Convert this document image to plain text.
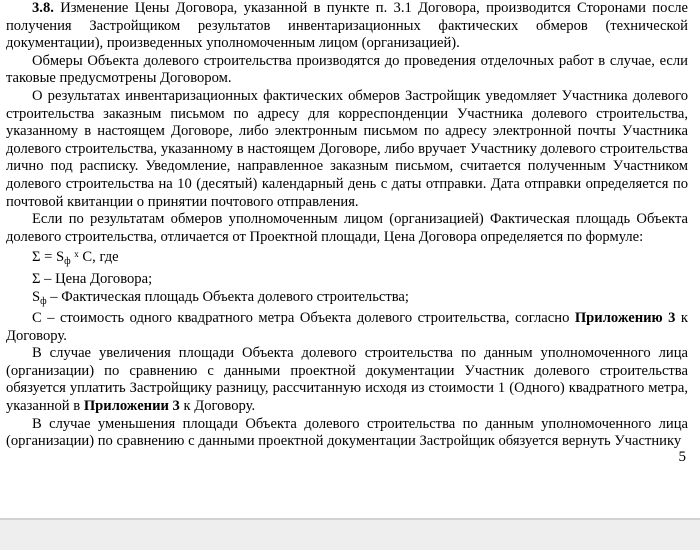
3.8. Изменение Цены Договора, указанной в пункте п. 3.1 Договора, производится Сторонами после получения Застройщиком результатов инвентаризационных фактических обмеров (технической документации), произведенных уполномоченным лицом (организацией).

Обмеры Объекта долевого строительства производятся до проведения отделочных работ в случае, если таковые предусмотрены Договором.

О результатах инвентаризационных фактических обмеров Застройщик уведомляет Участника долевого строительства заказным письмом по адресу для корреспонденции Участника долевого строительства, указанному в настоящем Договоре, либо электронным письмом по адресу электронной почты Участника долевого строительства, указанному в настоящем Договоре, либо вручает Участнику долевого строительства лично под расписку. Уведомление, направленное заказным письмом, считается полученным Участником долевого строительства на 10 (десятый) календарный день с даты отправки. Дата отправки определяется по почтовой квитанции о принятии почтового отправления.

Если по результатам обмеров уполномоченным лицом (организацией) Фактическая площадь Объекта долевого строительства, отличается от Проектной площади, Цена Договора определяется по формуле:

$\Sigma = S_ф$ $^х$ С, где

Σ – Цена Договора;

$S_ф$ – Фактическая площадь Объекта долевого строительства;

С – стоимость одного квадратного метра Объекта долевого строительства, согласно Приложению 3 к Договору.

В случае увеличения площади Объекта долевого строительства по данным уполномоченного лица (организации) по сравнению с данными проектной документации Участник долевого строительства обязуется уплатить Застройщику разницу, рассчитанную исходя из стоимости 1 (Одного) квадратного метра, указанной в Приложении 3 к Договору.

В случае уменьшения площади Объекта долевого строительства по данным уполномоченного лица (организации) по сравнению с данными проектной документации Застройщик обязуется вернуть Участнику

5
